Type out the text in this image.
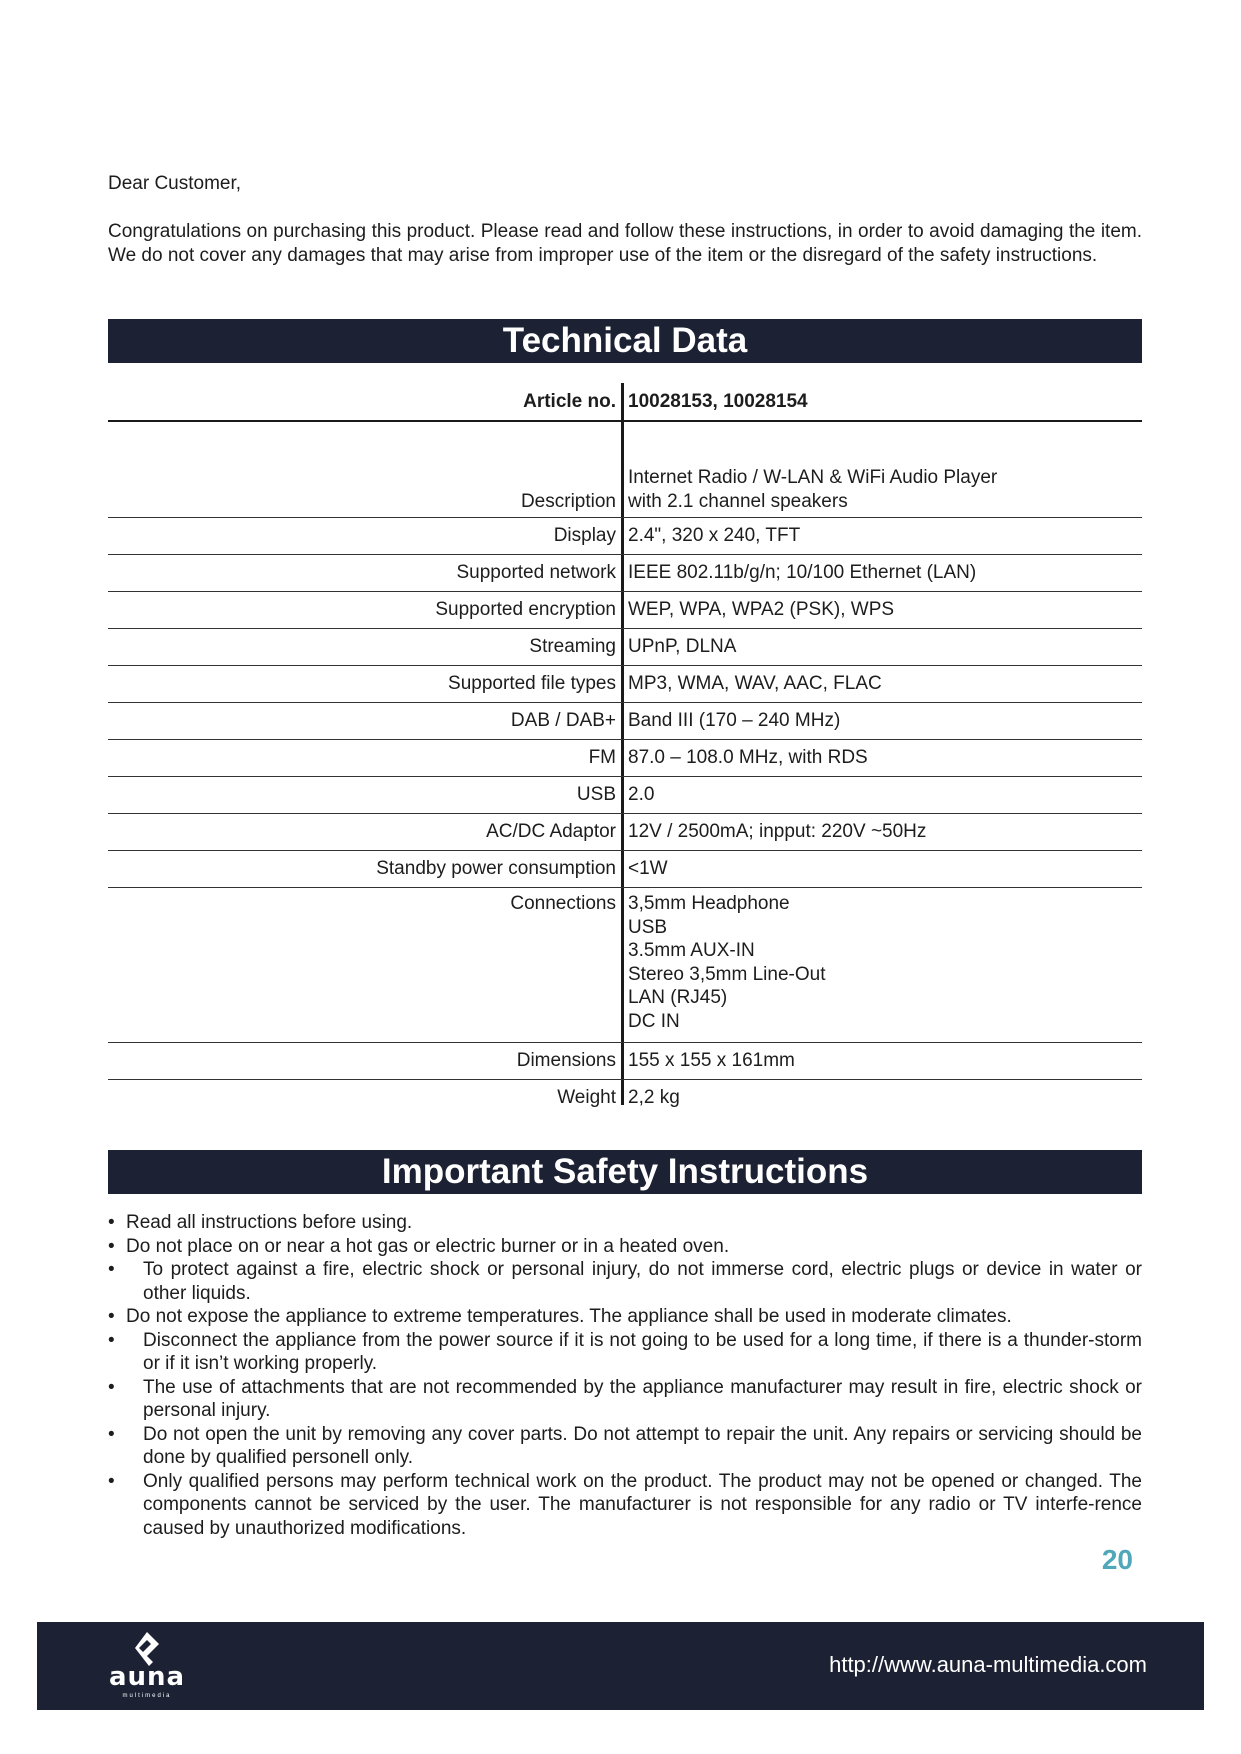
Dear Customer,
Congratulations on purchasing this product. Please read and follow these instructions, in order to avoid damaging the item. We do not cover any damages that may arise from improper use of the item or the disregard of the safety instructions.
Technical Data
Article no. 10028153, 10028154
Description
Internet Radio / W-LAN & WiFi Audio Player
with 2.1 channel speakers
Display 2.4", 320 x 240, TFT
Supported network IEEE 802.11b/g/n; 10/100 Ethernet (LAN)
Supported encryption WEP, WPA, WPA2 (PSK), WPS
Streaming UPnP, DLNA
Supported file types MP3, WMA, WAV, AAC, FLAC
DAB / DAB+ Band III (170 – 240 MHz)
FM 87.0 – 108.0 MHz, with RDS
USB 2.0
AC/DC Adaptor 12V / 2500mA; inpput: 220V ~50Hz
Standby power consumption <1W
Connections 3,5mm Headphone
USB
3.5mm AUX-IN
Stereo 3,5mm Line-Out
LAN (RJ45)
DC IN
Dimensions 155 x 155 x 161mm
Weight 2,2 kg
Important Safety Instructions
• Read all instructions before using.
• Do not place on or near a hot gas or electric burner or in a heated oven.
• To protect against a fire, electric shock or personal injury, do not immerse cord, electric plugs or device in water or other liquids.
• Do not expose the appliance to extreme temperatures. The appliance shall be used in moderate climates.
• Disconnect the appliance from the power source if it is not going to be used for a long time, if there is a thunder-storm or if it isn’t working properly.
• The use of attachments that are not recommended by the appliance manufacturer may result in fire, electric shock or personal injury.
• Do not open the unit by removing any cover parts. Do not attempt to repair the unit. Any repairs or servicing should be done by qualified personell only.
• Only qualified persons may perform technical work on the product. The product may not be opened or changed. The components cannot be serviced by the user. The manufacturer is not responsible for any radio or TV interfe-rence caused by unauthorized modifications.
20
auna
multimedia
http://www.auna-multimedia.com
